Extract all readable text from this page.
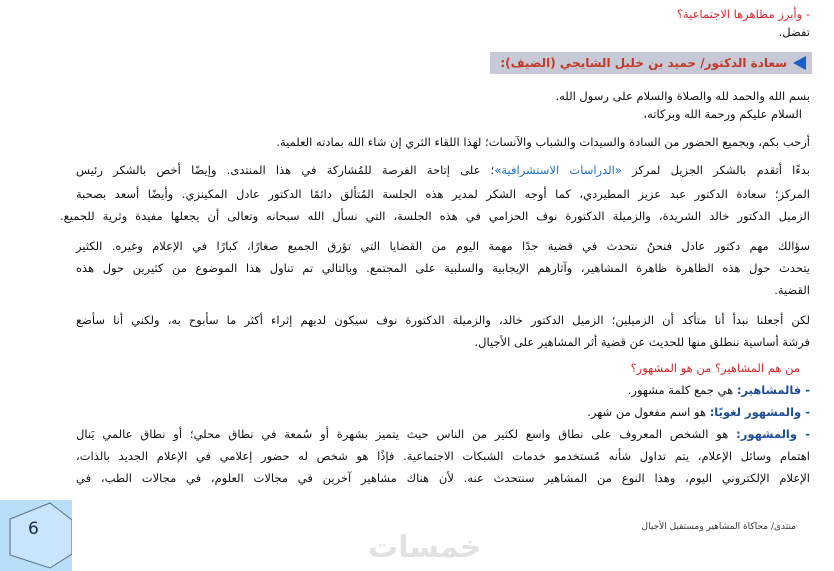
- وأبرز مظاهرها الاجتماعية؟
تفضل.
سعادة الدكتور/ حميد بن خليل الشايجي (الضيف):
بسم الله والحمد لله والصلاة والسلام على رسول الله.
السلام عليكم ورحمة الله وبركاته،
أرحب بكم، وبجميع الحضور من السادة والسيدات والشباب والآنسات؛ لهذا اللقاء الثري إن شاء الله بمادته العلمية.
بدءًا أتقدم بالشكر الجزيل لمركز «الدراسات الاستشرافية»؛ على إتاحة الفرصة للمُشاركة في هذا المنتدى. وإيضًا أخص بالشكر رئيس
المركز؛ سعادة الدكتور عبد عزيز المطيردي، كما أوجه الشكر لمدير هذه الجلسة المُتألق دائمًا الدكتور عادل المكينزي. وأيضًا أسعد بصحبة
الزميل الدكتور خالد الشريدة، والزميلة الدكتورة نوف الحزامي في هذه الجلسة، التي نسأل الله سبحانه وتعالى أن يجعلها مفيدة وثرية للجميع.
سؤالك مهم دكتور عادل فنحنُ نتحدث في قضية جدًا مهمة اليوم من القضايا التي تؤرق الجميع صغارًا، كبارًا في الإعلام وغيره. الكثير
يتحدث حول هذه الظاهرة ظاهرة المشاهير، وآثارهم الإيجابية والسلبية على المجتمع. وبالتالي تم تناول هذا الموضوع من كثيرين حول هذه
القضية.
لكن أجعلنا نبدأ أنا متأكد أن الزميلين؛ الزميل الدكتور خالد، والزميلة الدكتورة نوف سيكون لديهم إثراء أكثر ما سأبوح به، ولكني أنا سأضع
فرشة أساسية ننطلق منها للحديث عن قضية أثر المشاهير على الأجيال.
من هم المشاهير؟ من هو المشهور؟
- فالمشاهير: هي جمع كلمة مشهور.
- والمشهور لغويًا: هو اسم مفعول من شهر.
- والمشهور: هو الشخص المعروف على نطاق واسع لكثير من الناس حيث يتميز بشهرة أو سُمعة في نطاق محلي؛ أو نطاق عالمي يَنال
اهتمام وسائل الإعلام، يتم تداول شأنه مُستخدمو خدمات الشبكات الاجتماعية. فإذًا هو شخص له حضور إعلامي في الإعلام الجديد بالذات،
الإعلام الإلكتروني اليوم، وهذا النوع من المشاهير سنتحدث عنه. لأن هناك مشاهير آخرين في مجالات العلوم، في مجالات الطب، في
6	منتدى/ محاكاة المشاهير ومستقبل الأجيال
خمسات
